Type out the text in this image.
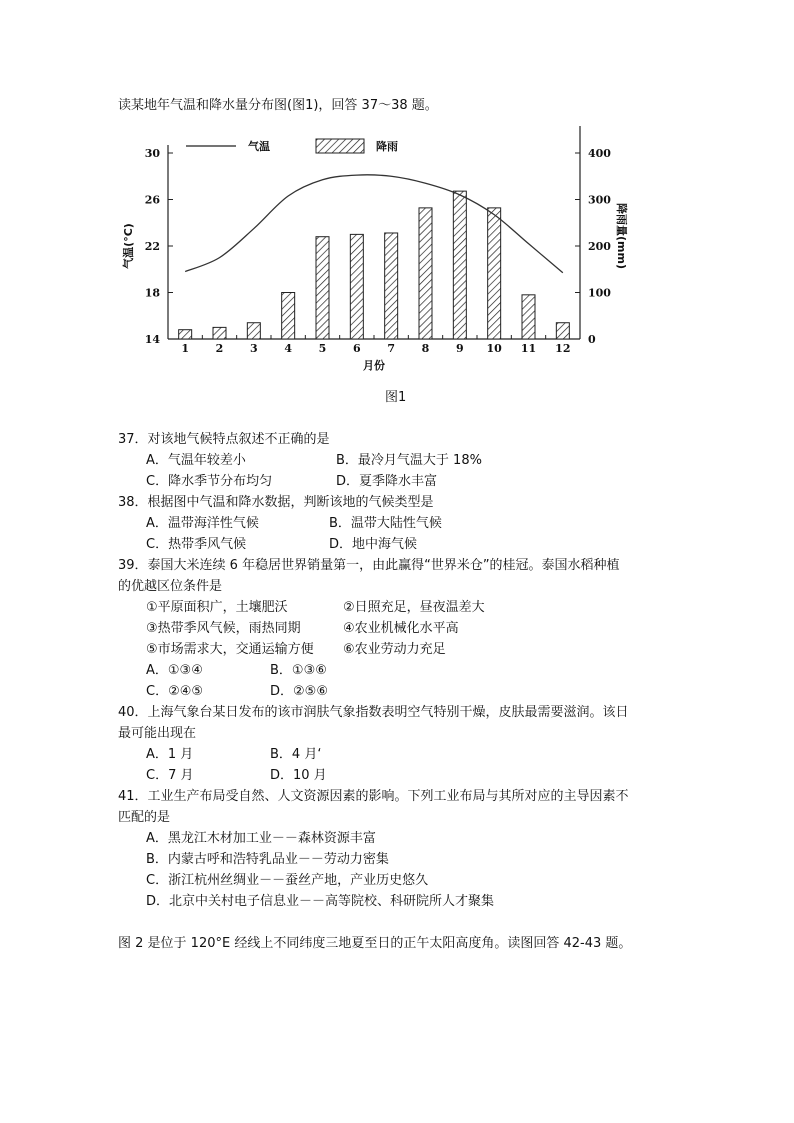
读某地年气温和降水量分布图(图1)，回答 37～38 题。
气温	降雨
30
26
22
18
14
400
300
200
100
0
1 2 3 4 5 6 7 8 9 10 11 12
月份
气温(°C)	降雨量(mm)
图1
37．对该地气候特点叙述不正确的是
A．气温年较差小	B．最冷月气温大于 18%
C．降水季节分布均匀	D．夏季降水丰富
38．根据图中气温和降水数据，判断该地的气候类型是
A．温带海洋性气候	B．温带大陆性气候
C．热带季风气候	D．地中海气候
39．泰国大米连续 6 年稳居世界销量第一，由此赢得“世界米仓”的桂冠。泰国水稻种植
的优越区位条件是
①平原面积广，土壤肥沃	②日照充足，昼夜温差大
③热带季风气候，雨热同期	④农业机械化水平高
⑤市场需求大，交通运输方便 ⑥农业劳动力充足
A．①③④	B．①③⑥
C．②④⑤	D．②⑤⑥
40．上海气象台某日发布的该市润肤气象指数表明空气特别干燥，皮肤最需要滋润。该日
最可能出现在
A．1 月	B．4 月‘
C．7 月	D．10 月
41．工业生产布局受自然、人文资源因素的影响。下列工业布局与其所对应的主导因素不
匹配的是
A．黑龙江木材加工业－－森林资源丰富
B．内蒙古呼和浩特乳品业－－劳动力密集
C．浙江杭州丝绸业－－蚕丝产地，产业历史悠久
D．北京中关村电子信息业－－高等院校、科研院所人才聚集
图 2 是位于 120°E 经线上不同纬度三地夏至日的正午太阳高度角。读图回答 42-43 题。
